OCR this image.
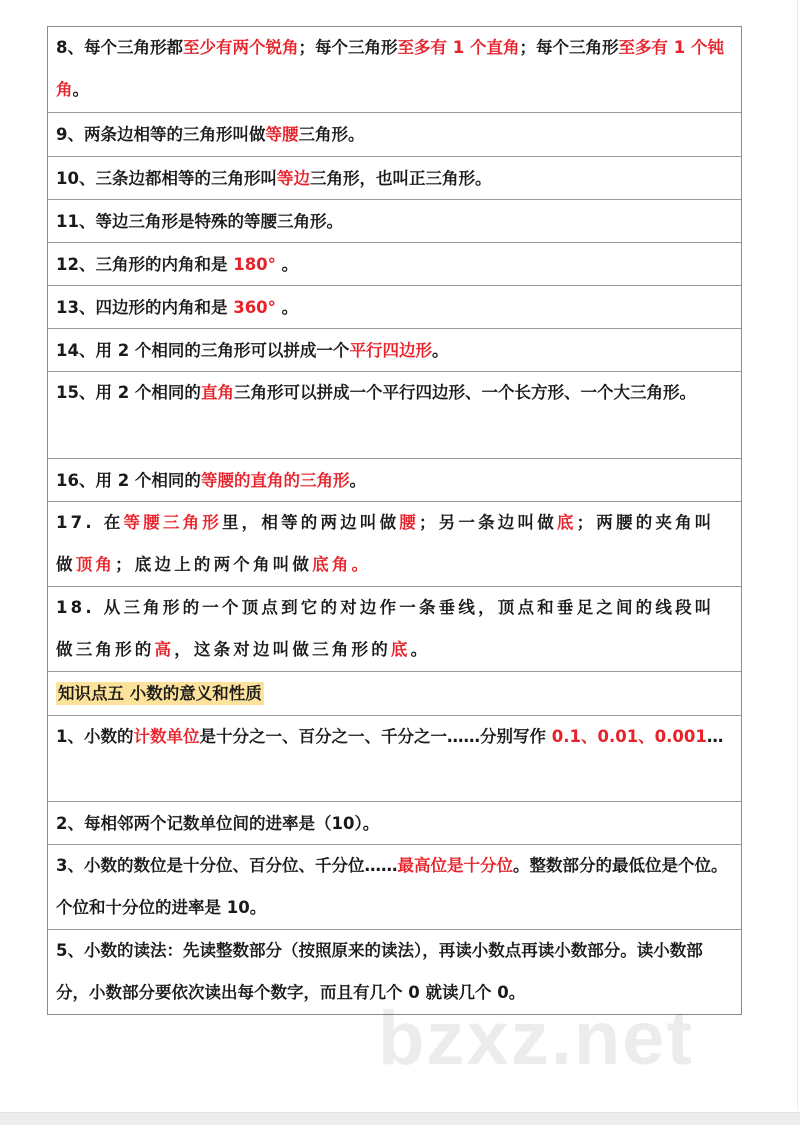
8、每个三角形都至少有两个锐角；每个三角形至多有 1 个直角；每个三角形至多有 1 个钝角。
9、两条边相等的三角形叫做等腰三角形。
10、三条边都相等的三角形叫等边三角形，也叫正三角形。
11、等边三角形是特殊的等腰三角形。
12、三角形的内角和是 180° 。
13、四边形的内角和是 360° 。
14、用 2 个相同的三角形可以拼成一个平行四边形。
15、用 2 个相同的直角三角形可以拼成一个平行四边形、一个长方形、一个大三角形。
16、用 2 个相同的等腰的直角的三角形。
17. 在等腰三角形里，相等的两边叫做腰；另一条边叫做底；两腰的夹角叫做顶角；底边上的两个角叫做底角。
18. 从三角形的一个顶点到它的对边作一条垂线，顶点和垂足之间的线段叫做三角形的高，这条对边叫做三角形的底。
知识点五 小数的意义和性质
1、小数的计数单位是十分之一、百分之一、千分之一……分别写作 0.1、0.01、0.001…
2、每相邻两个记数单位间的进率是（10）。
3、小数的数位是十分位、百分位、千分位……最高位是十分位。整数部分的最低位是个位。个位和十分位的进率是 10。
5、小数的读法：先读整数部分（按照原来的读法），再读小数点再读小数部分。读小数部分，小数部分要依次读出每个数字，而且有几个 0 就读几个 0。
